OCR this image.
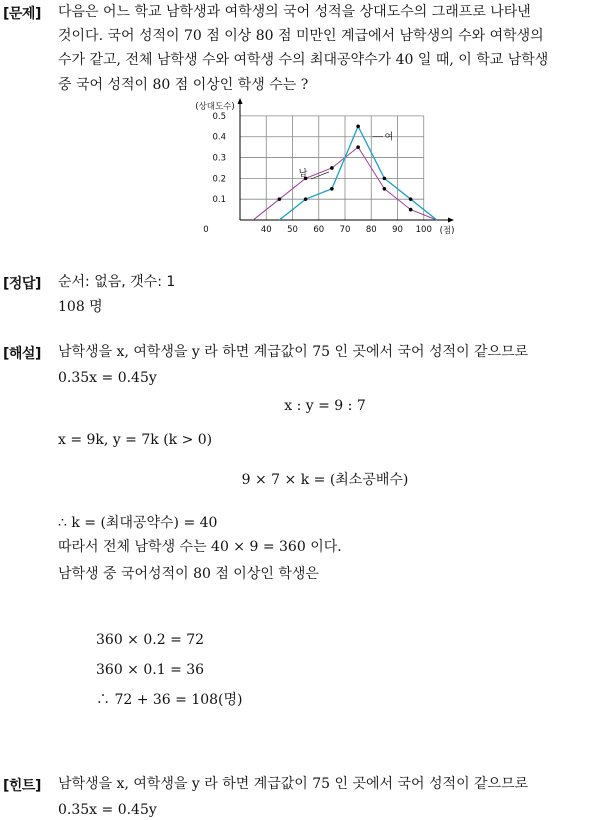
[문제] 다음은 어느 학교 남학생과 여학생의 국어 성적을 상대도수의 그래프로 나타낸
것이다. 국어 성적이 70 점 이상 80 점 미만인 계급에서 남학생의 수와 여학생의
수가 같고, 전체 남학생 수와 여학생 수의 최대공약수가 40 일 때, 이 학교 남학생
중 국어 성적이 80 점 이상인 학생 수는 ?
40 50 60 70 80 90 100
0.1
0.2
0.3
0.4
0.5
0
(상대도수)
(점)
남
여
[정답] 순서: 없음, 갯수: 1
108 명
[해설] 남학생을 x, 여학생을 y 라 하면 계급값이 75 인 곳에서 국어 성적이 같으므로
0.35x = 0.45y
x : y = 9 : 7
x = 9k, y = 7k (k > 0)
9 × 7 × k = (최소공배수)
∴ k = (최대공약수) = 40
따라서 전체 남학생 수는 40 × 9 = 360 이다.
남학생 중 국어성적이 80 점 이상인 학생은
360 × 0.2 = 72
360 × 0.1 = 36
∴ 72 + 36 = 108(명)
[힌트] 남학생을 x, 여학생을 y 라 하면 계급값이 75 인 곳에서 국어 성적이 같으므로
0.35x = 0.45y
